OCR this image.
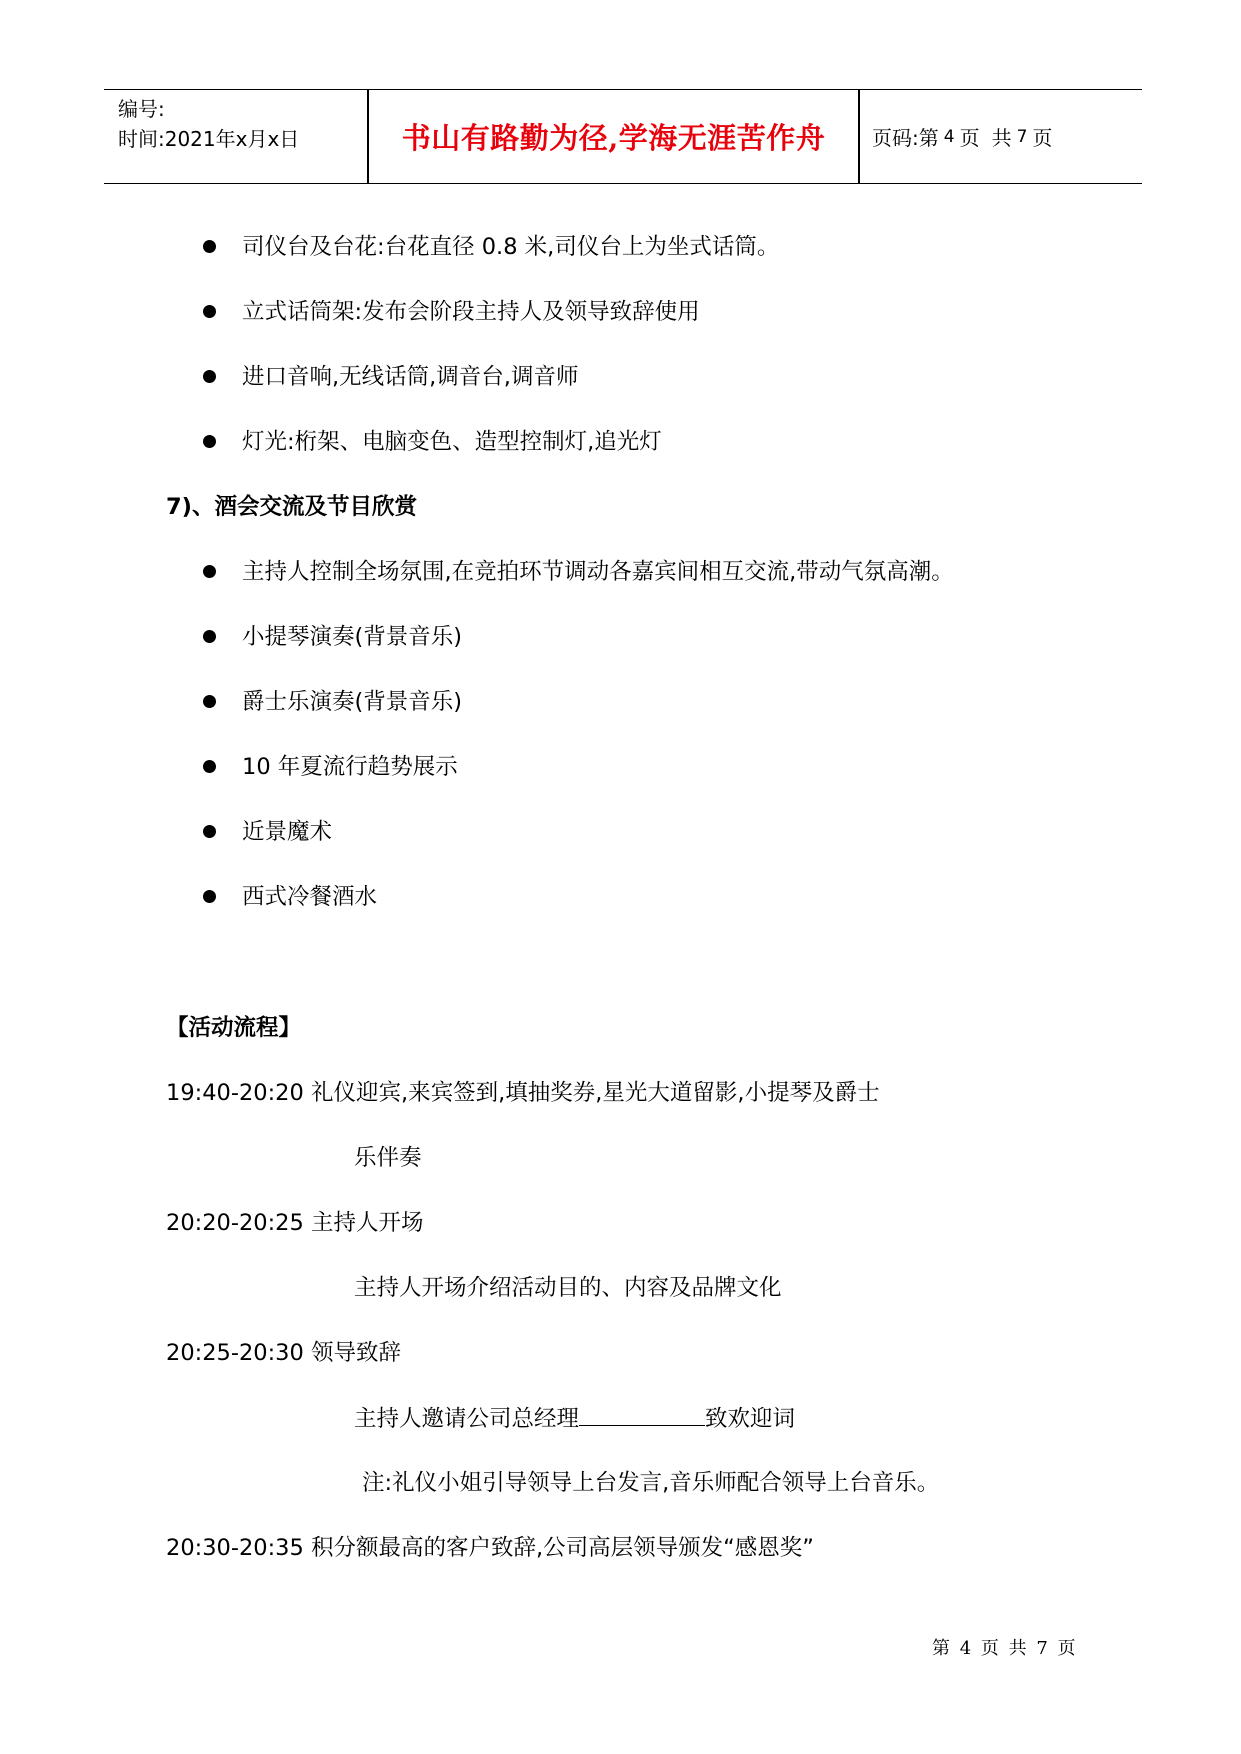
编号:
时间:2021年x月x日	书山有路勤为径,学海无涯苦作舟	页码:第 4 页 共 7 页
司仪台及台花:台花直径 0.8 米,司仪台上为坐式话筒。
立式话筒架:发布会阶段主持人及领导致辞使用
进口音响,无线话筒,调音台,调音师
灯光:桁架、电脑变色、造型控制灯,追光灯
7)、酒会交流及节目欣赏
主持人控制全场氛围,在竞拍环节调动各嘉宾间相互交流,带动气氛高潮。
小提琴演奏(背景音乐)
爵士乐演奏(背景音乐)
10 年夏流行趋势展示
近景魔术
西式冷餐酒水
【活动流程】
19:40-20:20 礼仪迎宾,来宾签到,填抽奖券,星光大道留影,小提琴及爵士
乐伴奏
20:20-20:25 主持人开场
主持人开场介绍活动目的、内容及品牌文化
20:25-20:30 领导致辞
主持人邀请公司总经理	致欢迎词
注:礼仪小姐引导领导上台发言,音乐师配合领导上台音乐。
20:30-20:35 积分额最高的客户致辞,公司高层领导颁发“感恩奖”
第 4 页 共 7 页
